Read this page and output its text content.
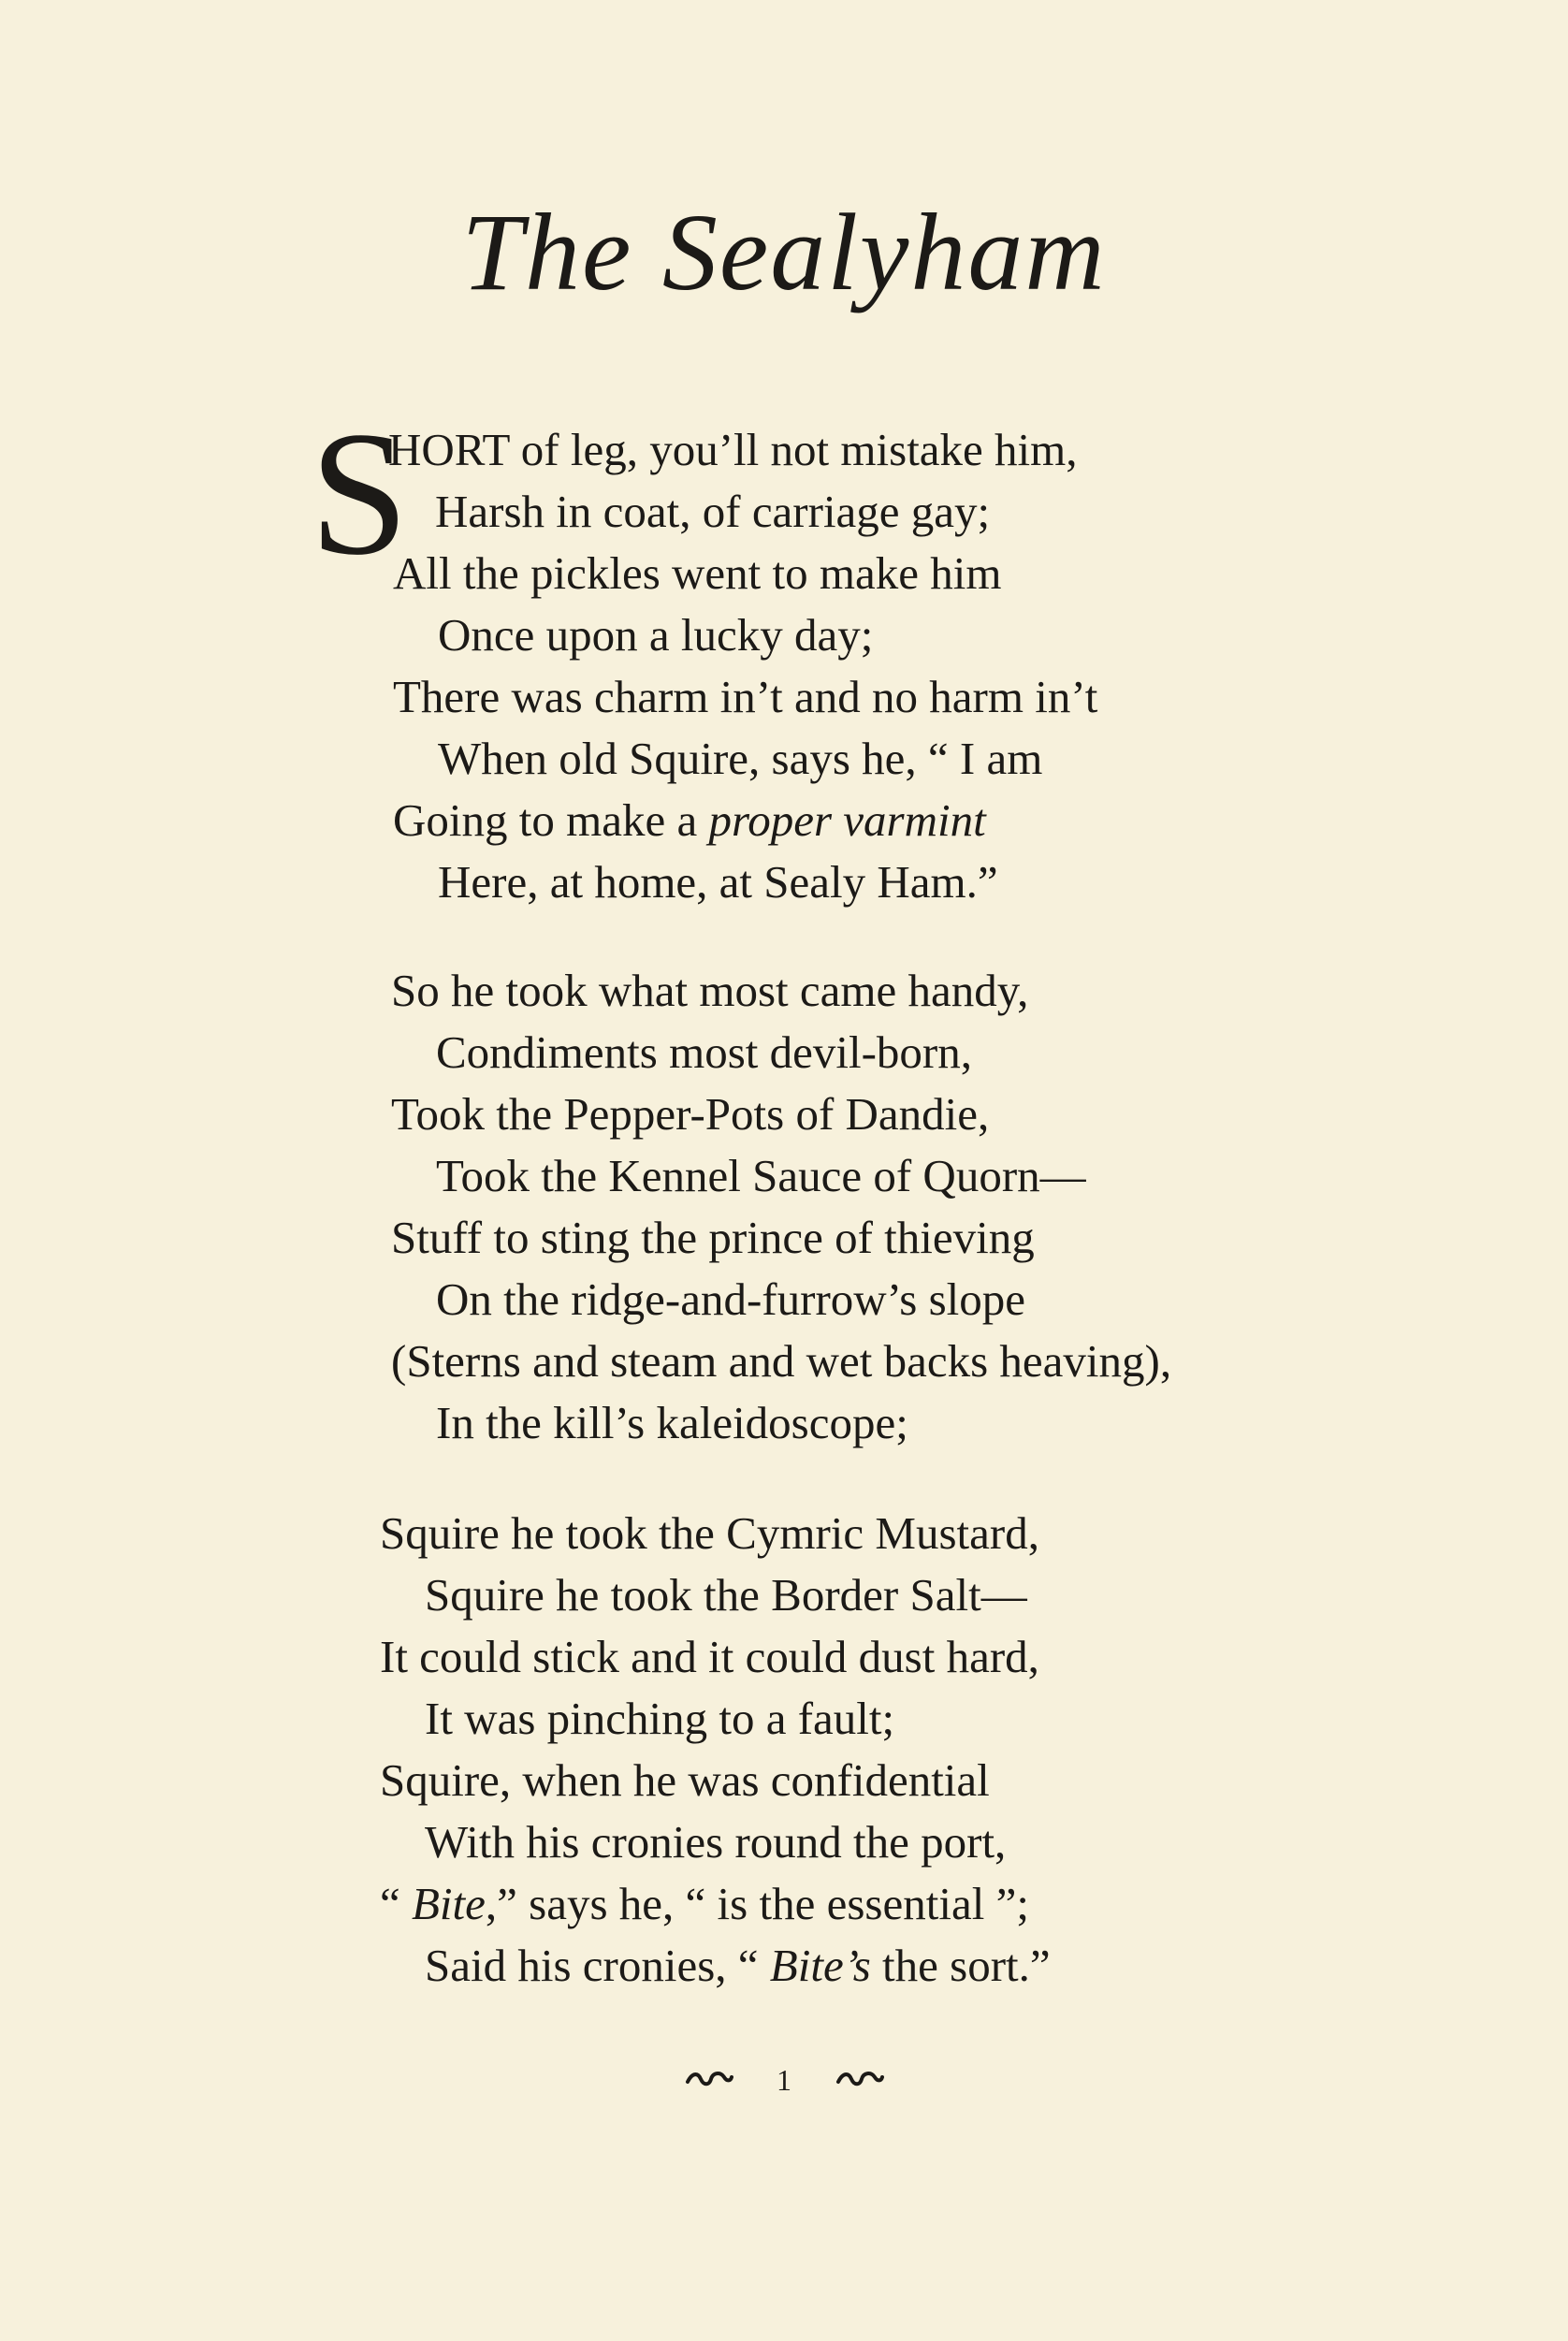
The Sealyham
S
HORT of leg, you’ll not mistake him,
Harsh in coat, of carriage gay;
All the pickles went to make him
Once upon a lucky day;
There was charm in’t and no harm in’t
When old Squire, says he, “ I am
Going to make a proper varmint
Here, at home, at Sealy Ham.”
So he took what most came handy,
Condiments most devil-born,
Took the Pepper-Pots of Dandie,
Took the Kennel Sauce of Quorn—
Stuff to sting the prince of thieving
On the ridge-and-furrow’s slope
(Sterns and steam and wet backs heaving),
In the kill’s kaleidoscope;
Squire he took the Cymric Mustard,
Squire he took the Border Salt—
It could stick and it could dust hard,
It was pinching to a fault;
Squire, when he was confidential
With his cronies round the port,
“ Bite,” says he, “ is the essential ”;
Said his cronies, “ Bite’s the sort.”
1
